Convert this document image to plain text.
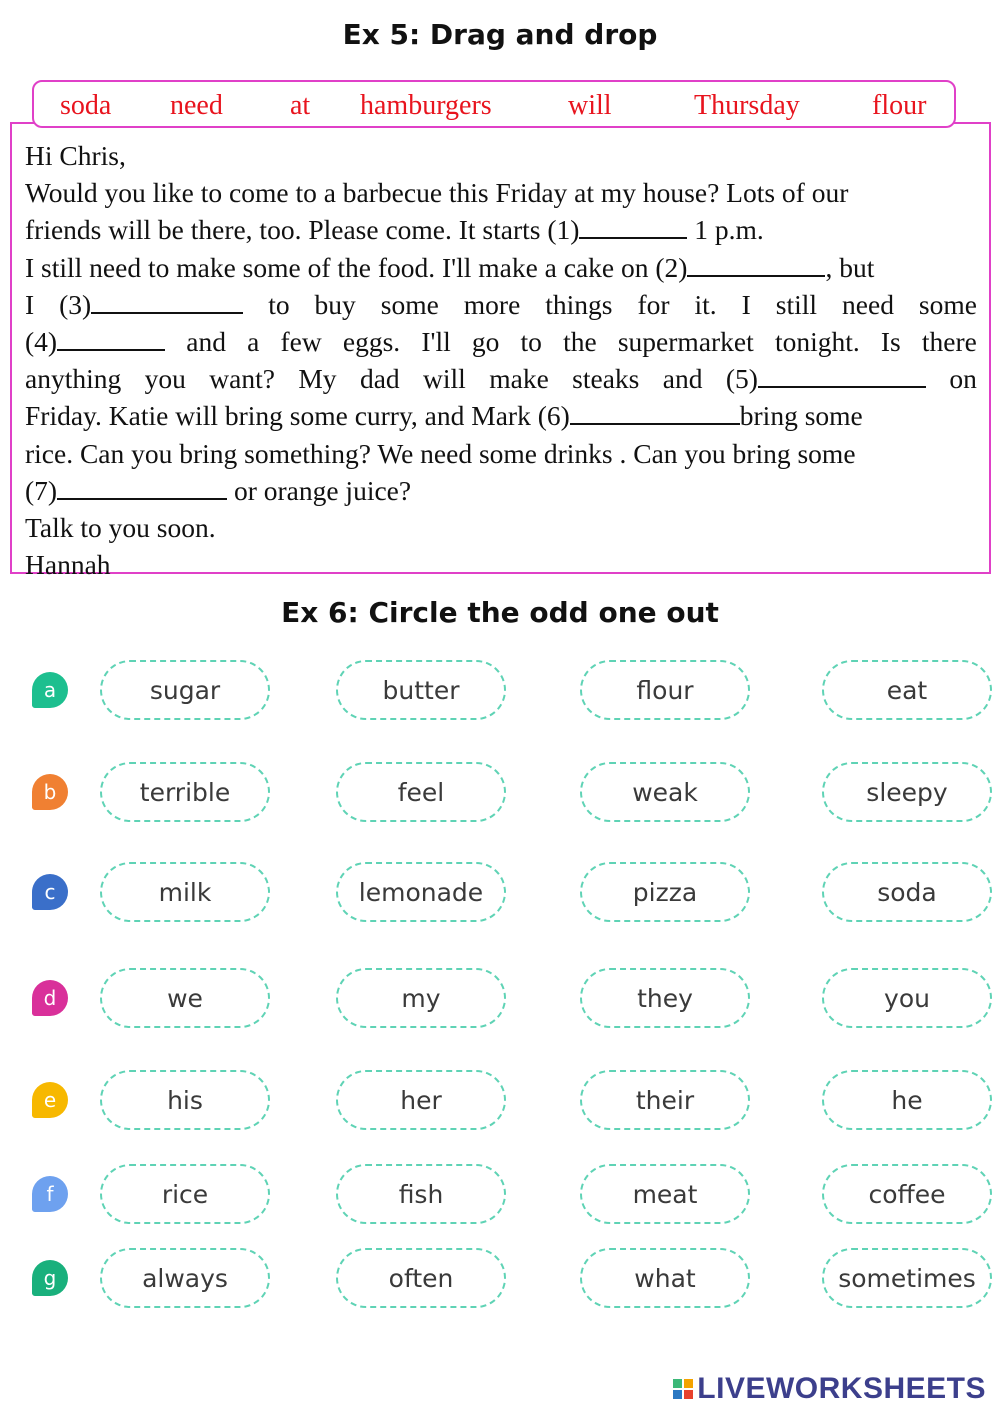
Ex 5: Drag and drop
soda need at hamburgers	will	Thursday	flour
Hi Chris,
Would you like to come to a barbecue this Friday at my house? Lots of our
friends will be there, too. Please come. It starts (1)	1 p.m.
I still need to make some of the food. I'll make a cake on (2)	, but
I (3)	to buy some more things for it. I still need some
(4)	and a few eggs. I'll go to the supermarket tonight. Is there
anything you want? My dad will make steaks and (5)	on
Friday. Katie will bring some curry, and Mark (6)	bring some
rice. Can you bring something? We need some drinks . Can you bring some
(7)	or orange juice?
Talk to you soon.
Hannah
Ex 6: Circle the odd one out
a	sugar	butter	flour	eat
b	terrible	feel	weak	sleepy
c	milk	lemonade	pizza	soda
d	we	my	they	you
e	his	her	their	he
f	rice	fish	meat	coffee
g	always	often	what	sometimes
LIVEWORKSHEETS
